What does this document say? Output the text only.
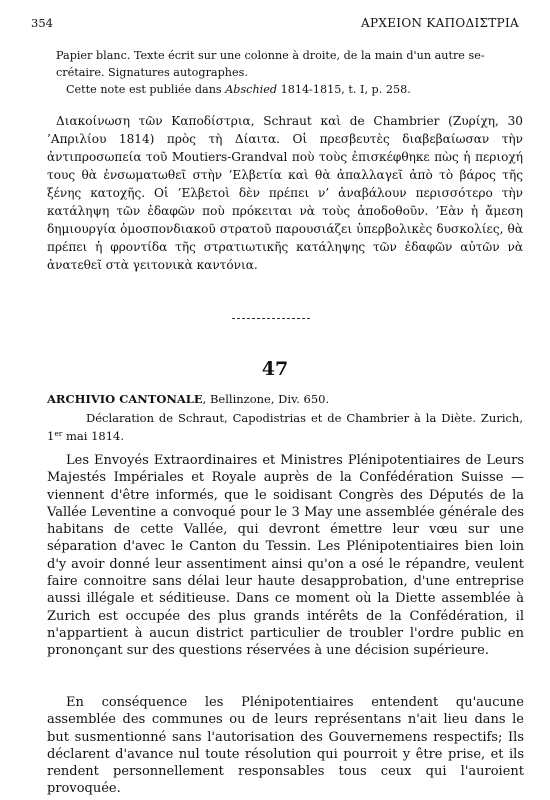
354	ΑΡΧΕΙΟΝ ΚΑΠΟΔΙΣΤΡΙΑ
Papier blanc. Texte écrit sur une colonne à droite, de la main d'un autre se-
crétaire. Signatures autographes.
Cette note est publiée dans Abschied 1814-1815, t. I, p. 258.

Διακοίνωση τῶν Καποδίστρια, Schraut καὶ de Chambrier (Ζυρίχη, 30 ’Απριλίου 1814) πρὸς τὴ Δίαιτα. Οἱ πρεσβευτὲς διαβεβαίωσαν τὴν ἀντιπροσωπεία τοῦ Moutiers-Grandval ποὺ τοὺς ἐπισκέφθηκε πὼς ἡ περιοχή τους θὰ ἐνσωματωθεῖ στὴν ’Ελβετία καὶ θὰ ἀπαλλαγεῖ ἀπὸ τὸ βάρος τῆς ξένης κατοχῆς. Οἱ ’Ελβετοὶ δὲν πρέπει ν’ ἀναβάλουν περισσότερο τὴν κατάληψη τῶν ἐδαφῶν ποὺ πρόκειται νὰ τοὺς ἀποδοθοῦν. ’Εὰν ἡ ἄμεση δημιουργία ὁμοσπονδιακοῦ στρατοῦ παρουσιάζει ὑπερβολικὲς δυσκολίες, θὰ πρέπει ἡ φροντίδα τῆς στρατιωτικῆς κατάληψης τῶν ἐδαφῶν αὐτῶν νὰ ἀνατεθεῖ στὰ γειτονικὰ καντόνια.

47
ARCHIVIO CANTONALE, Bellinzone, Div. 650.

Déclaration de Schraut, Capodistrias et de Chambrier à la Diète. Zurich, 1er mai 1814.

Les Envoyés Extraordinaires et Ministres Plénipotentiaires de Leurs Majestés Impériales et Royale auprès de la Confédération Suisse — viennent d'être informés, que le soidisant Congrès des Députés de la Vallée Leventine a convoqué pour le 3 May une assemblée générale des habitans de cette Vallée, qui devront émettre leur vœu sur une séparation d'avec le Canton du Tessin. Les Plénipotentiaires bien loin d'y avoir donné leur assentiment ainsi qu'on a osé le répandre, veulent faire connoitre sans délai leur haute desapprobation, d'une entreprise aussi illégale et séditieuse. Dans ce moment où la Diette assemblée à Zurich est occupée des plus grands intérêts de la Confédération, il n'appartient à aucun district particulier de troubler l'ordre public en prononçant sur des questions réservées à une décision supérieure.

En conséquence les Plénipotentiaires entendent qu'aucune assemblée des communes ou de leurs représentans n'ait lieu dans le but susmentionné sans l'autorisation des Gouvernemens respectifs; Ils déclarent d'avance nul toute résolution qui pourroit y être prise, et ils rendent personnellement responsables tous ceux qui l'auroient provoquée.
